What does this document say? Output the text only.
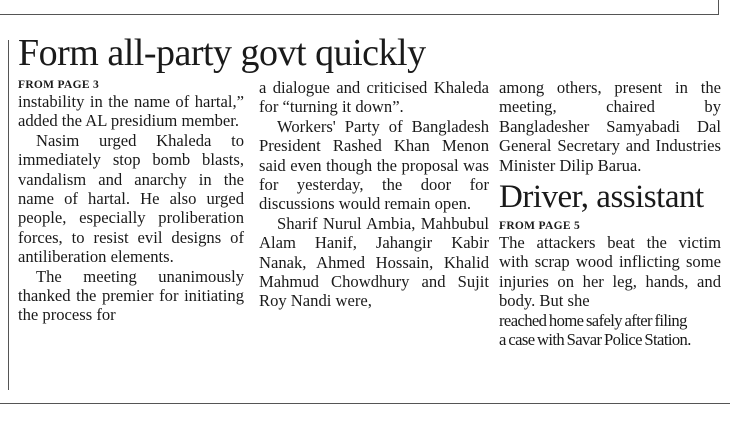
Form all-party govt quickly
FROM PAGE 3
instability in the name of hartal,” added the AL presidium member.
Nasim urged Khaleda to immediately stop bomb blasts, vandalism and anarchy in the name of hartal. He also urged people, especially proliberation forces, to resist evil designs of antiliberation elements.
The meeting unanimously thanked the premier for initiating the process for
a dialogue and criticised Khaleda for “turning it down”.
Workers' Party of Bangladesh President Rashed Khan Menon said even though the proposal was for yesterday, the door for discussions would remain open.
Sharif Nurul Ambia, Mahbubul Alam Hanif, Jahangir Kabir Nanak, Ahmed Hossain, Khalid Mahmud Chowdhury and Sujit Roy Nandi were,
among others, present in the meeting, chaired by Bangladesher Samyabadi Dal General Secretary and Industries Minister Dilip Barua.
Driver, assistant
FROM PAGE 5
The attackers beat the victim with scrap wood inflicting some injuries on her leg, hands, and body. But she
reached home safely after filing
a case with Savar Police Station.
